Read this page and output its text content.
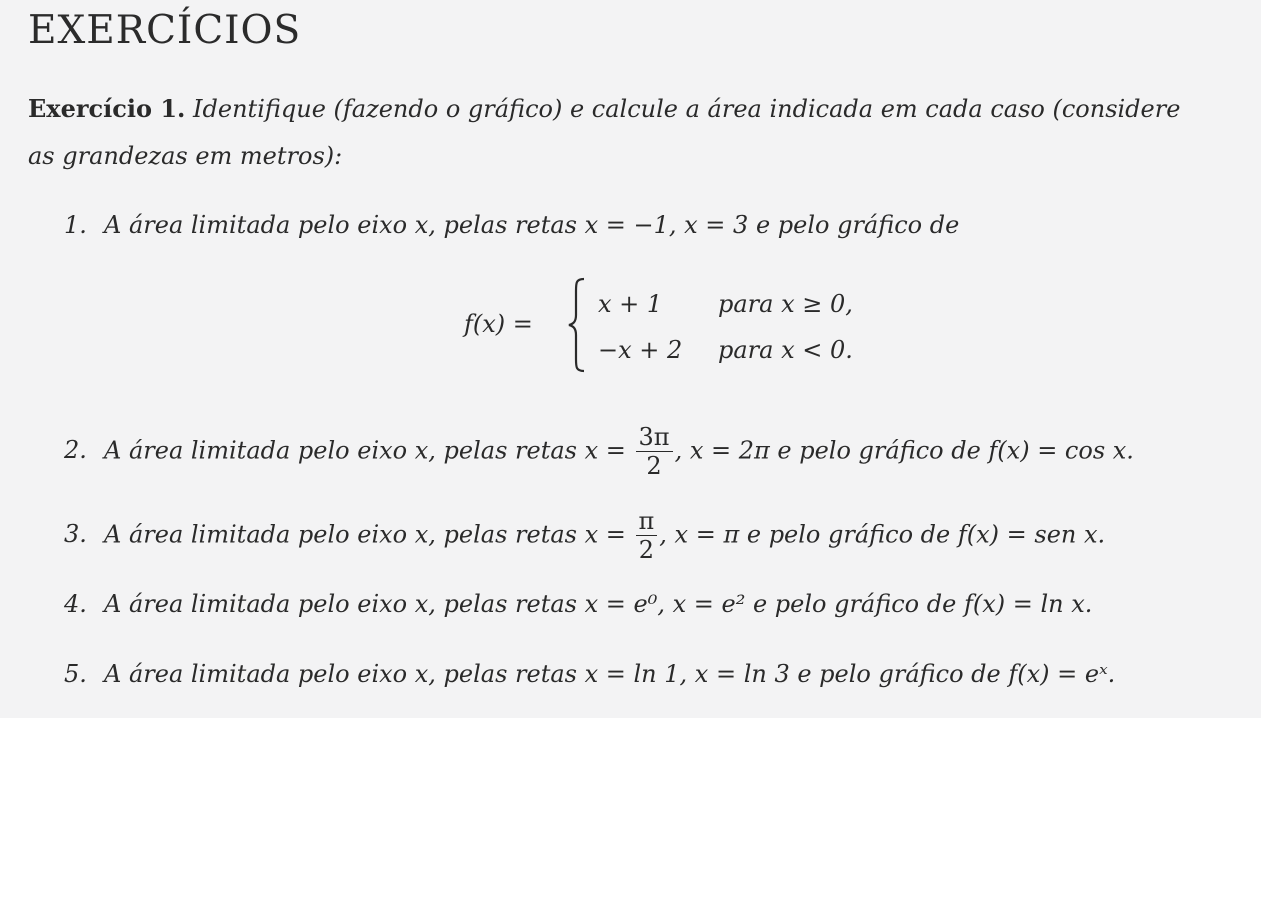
EXERCÍCIOS
Exercício 1. Identifique (fazendo o gráfico) e calcule a área indicada em cada caso (considere
as grandezas em metros):
1. A área limitada pelo eixo x, pelas retas x = −1, x = 3 e pelo gráfico de
f(x) =
x + 1 para x ≥ 0,
−x + 2 para x < 0.
2. A área limitada pelo eixo x, pelas retas $x = \frac{3\pi}{2}$ , x = 2π e pelo gráfico de f(x) = cos x.
3. A área limitada pelo eixo x, pelas retas $x = \frac{\pi}{2}$ , x = π e pelo gráfico de f(x) = sen x.
4. A área limitada pelo eixo x, pelas retas x = e⁰, x = e² e pelo gráfico de f(x) = ln x.
5. A área limitada pelo eixo x, pelas retas x = ln 1, x = ln 3 e pelo gráfico de f(x) = eˣ.
